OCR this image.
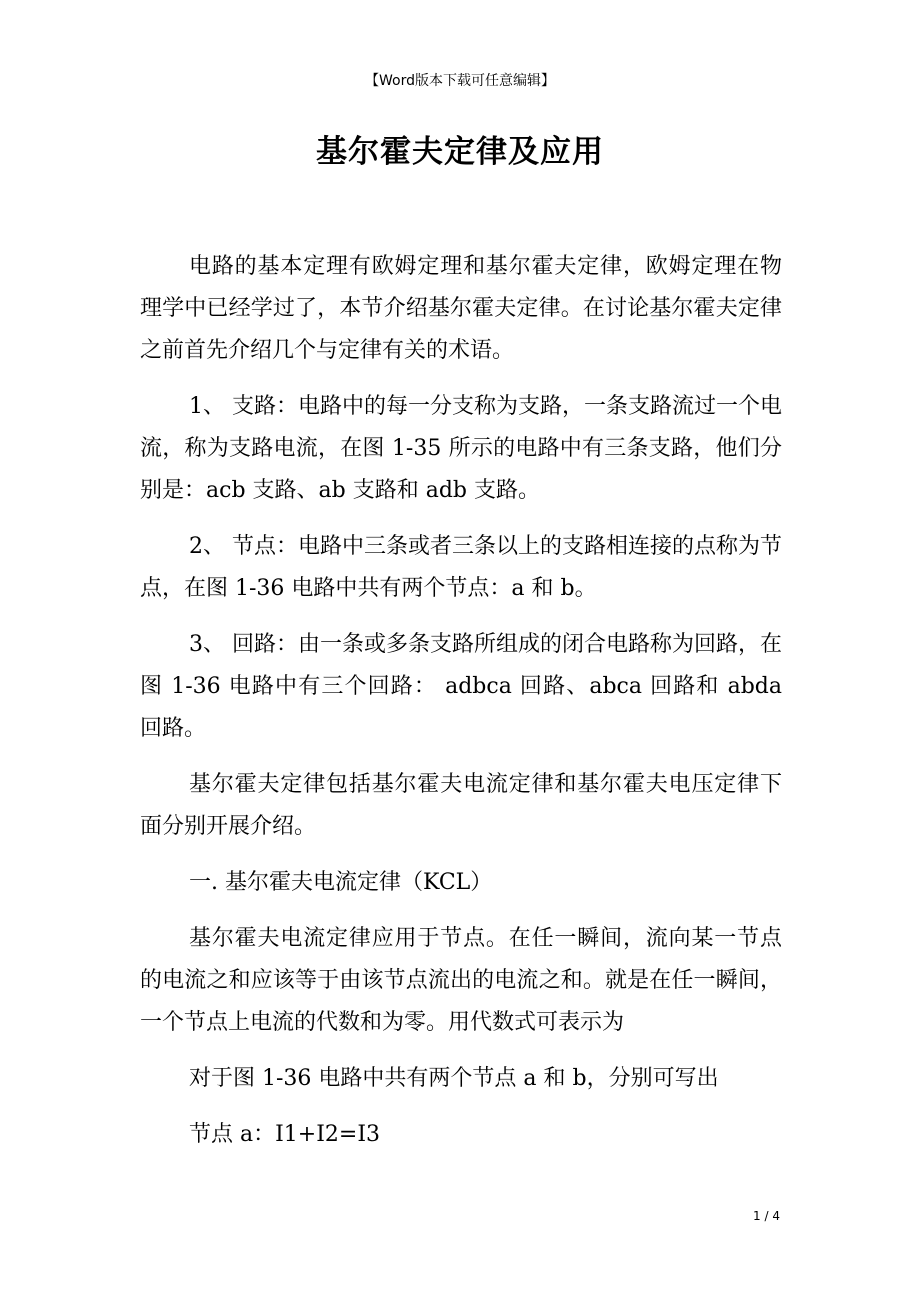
【Word版本下载可任意编辑】
基尔霍夫定律及应用

电路的基本定理有欧姆定理和基尔霍夫定律，欧姆定理在物理学中已经学过了，本节介绍基尔霍夫定律。在讨论基尔霍夫定律之前首先介绍几个与定律有关的术语。

1、 支路：电路中的每一分支称为支路，一条支路流过一个电流，称为支路电流，在图 1-35 所示的电路中有三条支路，他们分别是：acb 支路、ab 支路和 adb 支路。

2、 节点：电路中三条或者三条以上的支路相连接的点称为节点，在图 1-36 电路中共有两个节点：a 和 b。

3、 回路：由一条或多条支路所组成的闭合电路称为回路，在图 1-36 电路中有三个回路： adbca 回路、abca 回路和 abda 回路。

基尔霍夫定律包括基尔霍夫电流定律和基尔霍夫电压定律下面分别开展介绍。

一. 基尔霍夫电流定律（KCL）

基尔霍夫电流定律应用于节点。在任一瞬间，流向某一节点的电流之和应该等于由该节点流出的电流之和。就是在任一瞬间，一个节点上电流的代数和为零。用代数式可表示为

对于图 1-36 电路中共有两个节点 a 和 b，分别可写出

节点 a：I1+I2=I3

1 / 4
